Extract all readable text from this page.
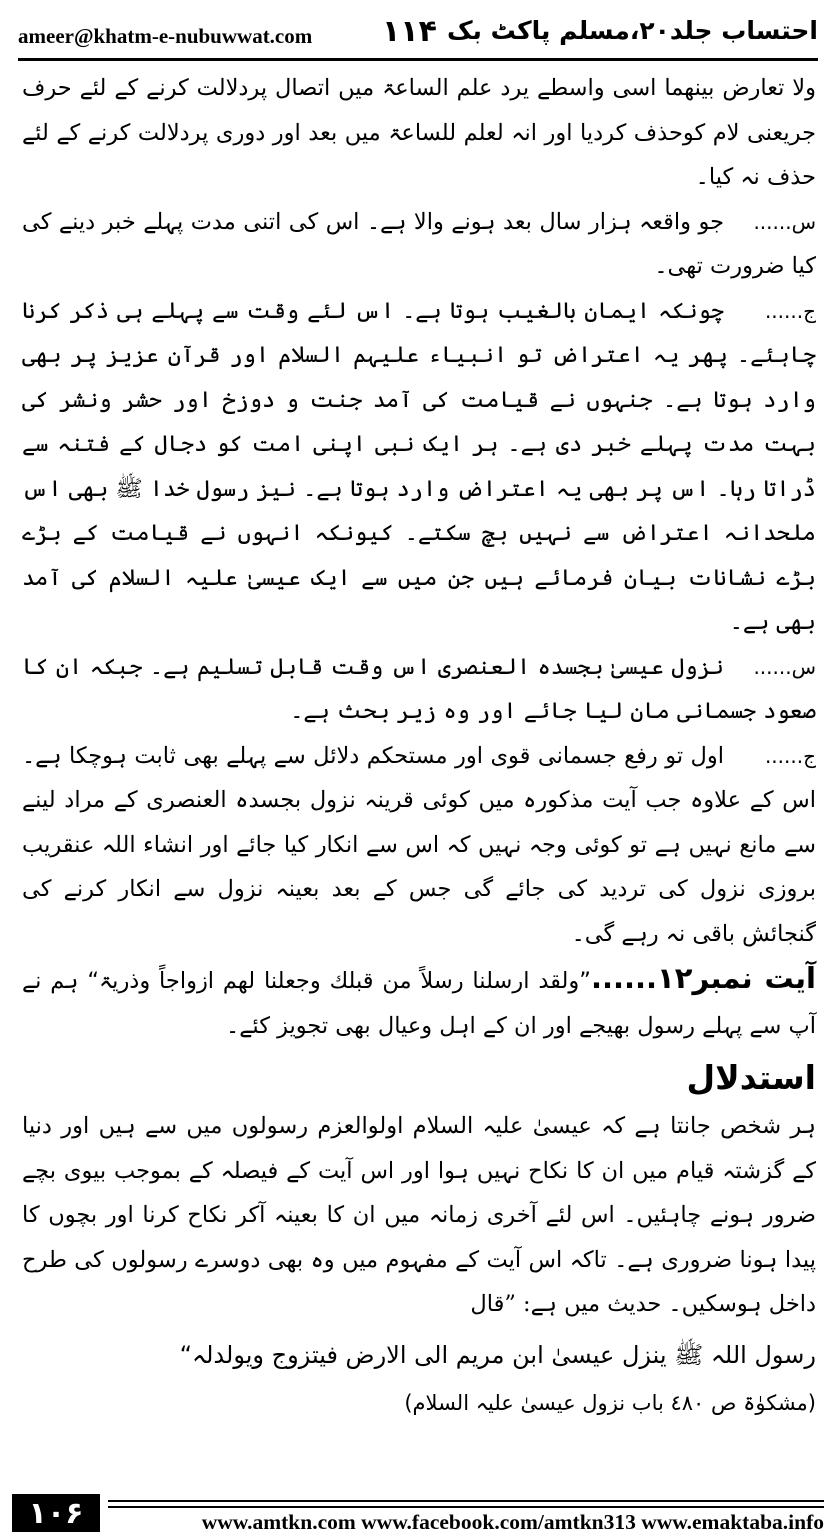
ameer@khatm-e-nubuwwat.com ۱۱۴ احتساب جلد۲۰،مسلم پاکٹ بک

ولا تعارض بینھما اسی واسطے یرد علم الساعۃ میں اتصال پردلالت کرنے کے لئے حرف جریعنی لام کوحذف کردیا اور انہ لعلم للساعۃ میں بعد اور دوری پردلالت کرنے کے لئے حذف نہ کیا۔

س......جو واقعہ ہزار سال بعد ہونے والا ہے۔ اس کی اتنی مدت پہلے خبر دینے کی کیا ضرورت تھی۔

ج......چونکہ ایمان بالغیب ہوتا ہے۔ اس لئے وقت سے پہلے ہی ذکر کرنا چاہئے۔ پھر یہ اعتراض تو انبیاء علیہم السلام اور قرآن عزیز پر بھی وارد ہوتا ہے۔ جنہوں نے قیامت کی آمد جنت و دوزخ اور حشر ونشر کی بہت مدت پہلے خبر دی ہے۔ ہر ایک نبی اپنی امت کو دجال کے فتنہ سے ڈراتا رہا۔ اس پر بھی یہ اعتراض وارد ہوتا ہے۔ نیز رسول خدا ﷺ بھی اس ملحدانہ اعتراض سے نہیں بچ سکتے۔ کیونکہ انہوں نے قیامت کے بڑے بڑے نشانات بیان فرمائے ہیں جن میں سے ایک عیسیٰ علیہ السلام کی آمد بھی ہے۔

س......نزول عیسیٰ بجسدہ العنصری اس وقت قابل تسلیم ہے۔ جبکہ ان کا صعود جسمانی مان لیا جائے اور وہ زیر بحث ہے۔

ج......اول تو رفع جسمانی قوی اور مستحکم دلائل سے پہلے بھی ثابت ہوچکا ہے۔ اس کے علاوہ جب آیت مذکورہ میں کوئی قرینہ نزول بجسدہ العنصری کے مراد لینے سے مانع نہیں ہے تو کوئی وجہ نہیں کہ اس سے انکار کیا جائے اور انشاء اللہ عنقریب بروزی نزول کی تردید کی جائے گی جس کے بعد بعینہ نزول سے انکار کرنے کی گنجائش باقی نہ رہے گی۔

آیت نمبر۱۲......”ولقد ارسلنا رسلاً من قبلك وجعلنا لھم ازواجاً وذریۃ“ ہم نے آپ سے پہلے رسول بھیجے اور ان کے اہل وعیال بھی تجویز کئے۔

استدلال

ہر شخص جانتا ہے کہ عیسیٰ علیہ السلام اولوالعزم رسولوں میں سے ہیں اور دنیا کے گزشتہ قیام میں ان کا نکاح نہیں ہوا اور اس آیت کے فیصلہ کے بموجب بیوی بچے ضرور ہونے چاہئیں۔ اس لئے آخری زمانہ میں ان کا بعینہ آکر نکاح کرنا اور بچوں کا پیدا ہونا ضروری ہے۔ تاکہ اس آیت کے مفہوم میں وہ بھی دوسرے رسولوں کی طرح داخل ہوسکیں۔ حدیث میں ہے: ”قال

رسول اللہ ﷺ ینزل عیسیٰ ابن مریم الی الارض فیتزوج ویولدلہ“

(مشکوٰۃ ص ٤٨٠ باب نزول عیسیٰ علیہ السلام)

۱۰۶	www.amtkn.com www.facebook.com/amtkn313 www.emaktaba.info
